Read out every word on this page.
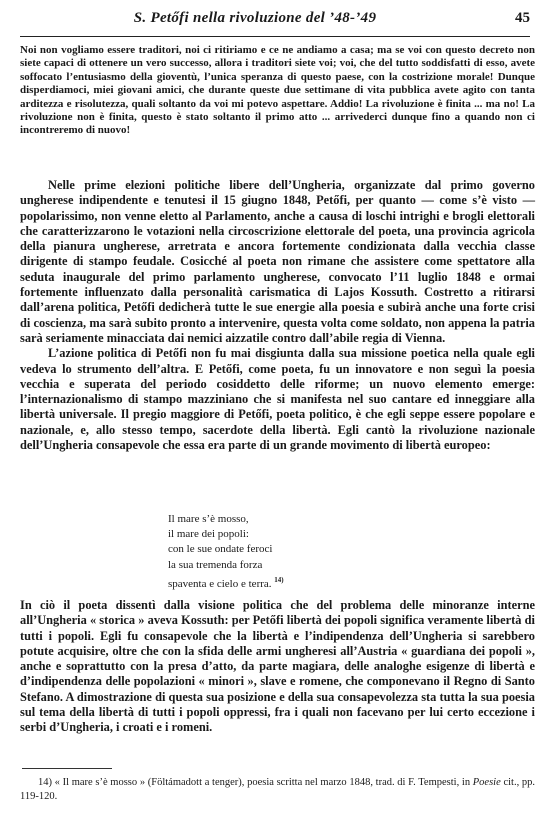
S. Petőfi nella rivoluzione del ’48-’49	45

Noi non vogliamo essere traditori, noi ci ritiriamo e ce ne andiamo a casa; ma se voi con questo decreto non siete capaci di ottenere un vero successo, allora i traditori siete voi; voi, che del tutto soddisfatti di esso, avete soffocato l’entusiasmo della gioventù, l’unica speranza di questo paese, con la costrizione morale! Dunque disperdiamoci, miei giovani amici, che durante queste due settimane di vita pubblica avete agito con tanta arditezza e risolutezza, quali soltanto da voi mi potevo aspettare. Addio! La rivoluzione è finita ... ma no! La rivoluzione non è finita, questo è stato soltanto il primo atto ... arrivederci dunque fino a quando non ci incontreremo di nuovo!

Nelle prime elezioni politiche libere dell’Ungheria, organizzate dal primo governo ungherese indipendente e tenutesi il 15 giugno 1848, Petőfi, per quanto — come s’è visto — popolarissimo, non venne eletto al Parlamento, anche a causa di loschi intrighi e brogli elettorali che caratterizzarono le votazioni nella circoscrizione elettorale del poeta, una provincia agricola della pianura ungherese, arretrata e ancora fortemente condizionata dalla vecchia classe dirigente di stampo feudale. Cosicché al poeta non rimane che assistere come spettatore alla seduta inaugurale del primo parlamento ungherese, convocato l’11 luglio 1848 e ormai fortemente influenzato dalla personalità carismatica di Lajos Kossuth. Costretto a ritirarsi dall’arena politica, Petőfi dedicherà tutte le sue energie alla poesia e subirà anche una forte crisi di coscienza, ma sarà subito pronto a intervenire, questa volta come soldato, non appena la patria sarà seriamente minacciata dai nemici aizzatile contro dall’abile regia di Vienna.

L’azione politica di Petőfi non fu mai disgiunta dalla sua missione poetica nella quale egli vedeva lo strumento dell’altra. E Petőfi, come poeta, fu un innovatore e non seguì la poesia vecchia e superata del periodo cosiddetto delle riforme; un nuovo elemento emerge: l’internazionalismo di stampo mazziniano che si manifesta nel suo cantare ed inneggiare alla libertà universale. Il pregio maggiore di Petőfi, poeta politico, è che egli seppe essere popolare e nazionale, e, allo stesso tempo, sacerdote della libertà. Egli cantò la rivoluzione nazionale dell’Ungheria consapevole che essa era parte di un grande movimento di libertà europeo:

Il mare s’è mosso,
il mare dei popoli:
con le sue ondate feroci
la sua tremenda forza
spaventa e cielo e terra. $^{14)}$

In ciò il poeta dissentì dalla visione politica che del problema delle minoranze interne all’Ungheria « storica » aveva Kossuth: per Petőfi libertà dei popoli significa veramente libertà di tutti i popoli. Egli fu consapevole che la libertà e l’indipendenza dell’Ungheria si sarebbero potute acquisire, oltre che con la sfida delle armi ungheresi all’Austria « guardiana dei popoli », anche e soprattutto con la presa d’atto, da parte magiara, delle analoghe esigenze di libertà e d’indipendenza delle popolazioni « minori », slave e romene, che componevano il Regno di Santo Stefano. A dimostrazione di questa sua posizione e della sua consapevolezza sta tutta la sua poesia sul tema della libertà di tutti i popoli oppressi, fra i quali non facevano per lui certo eccezione i serbi d’Ungheria, i croati e i romeni.

14) « Il mare s’è mosso » (Föltámadott a tenger), poesia scritta nel marzo 1848, trad. di F. Tempesti, in Poesie cit., pp. 119-120.
